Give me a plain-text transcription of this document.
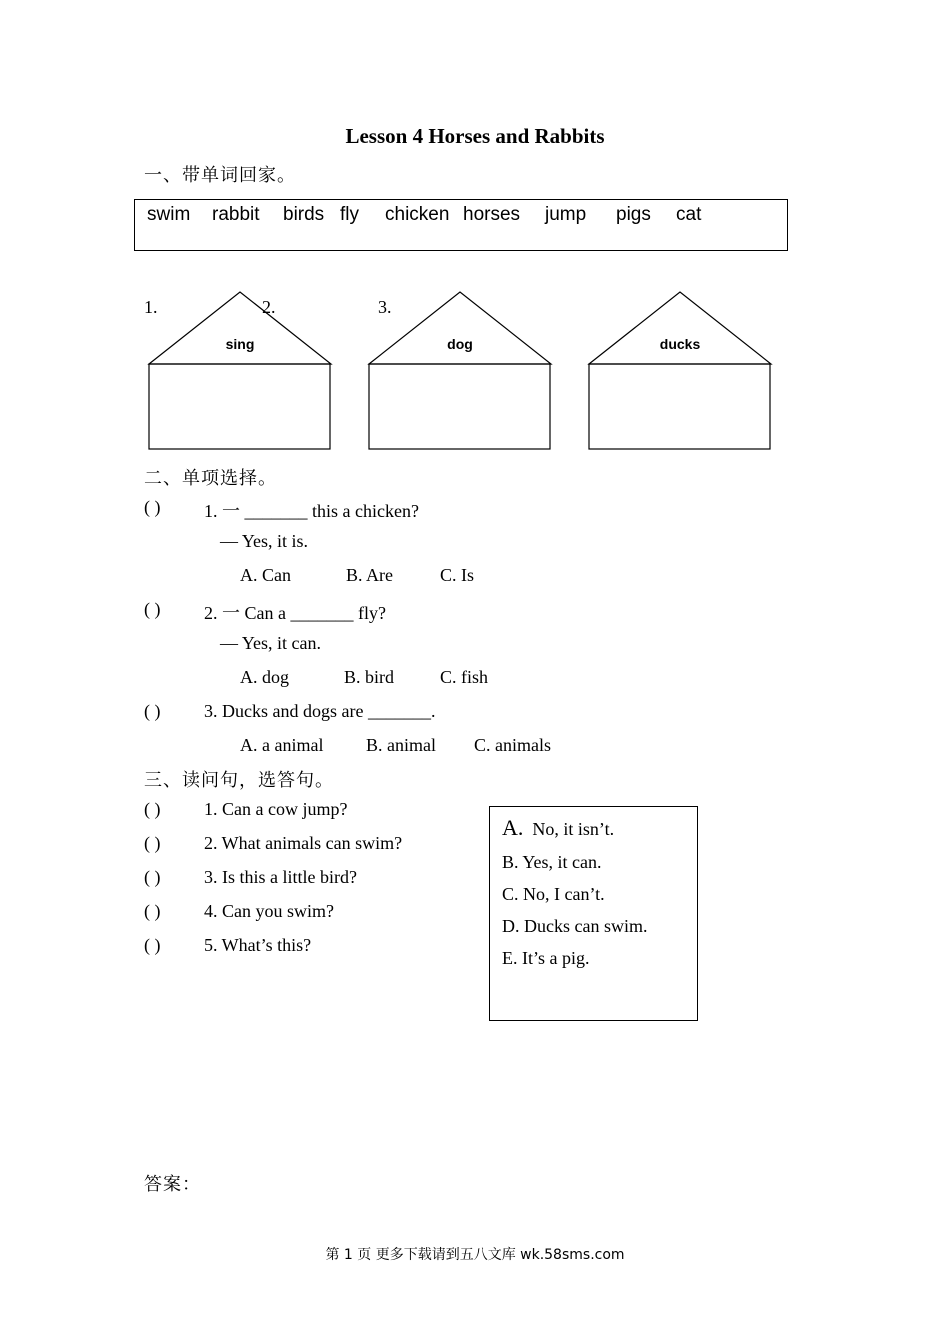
Lesson 4 Horses and Rabbits
一、带单词回家。
swim rabbit birds fly chicken horses jump pigs cat
1.	2.	3.
sing	dog	ducks
二、单项选择。
( ) 1. 一 _______ this a chicken?
— Yes, it is.
A. Can	B. Are	C. Is
( ) 2. 一 Can a _______ fly?
— Yes, it can.
A. dog	B. bird	C. fish
( ) 3. Ducks and dogs are _______.
A. a animal B. animal C. animals
三、读问句，选答句。
( ) 1. Can a cow jump?
( ) 2. What animals can swim?
( ) 3. Is this a little bird?
( ) 4. Can you swim?
( ) 5. What’s this?
A. No, it isn’t.
B. Yes, it can.
C. No, I can’t.
D. Ducks can swim.
E. It’s a pig.
答案：
第 1 页 更多下载请到五八文库 wk.58sms.com
